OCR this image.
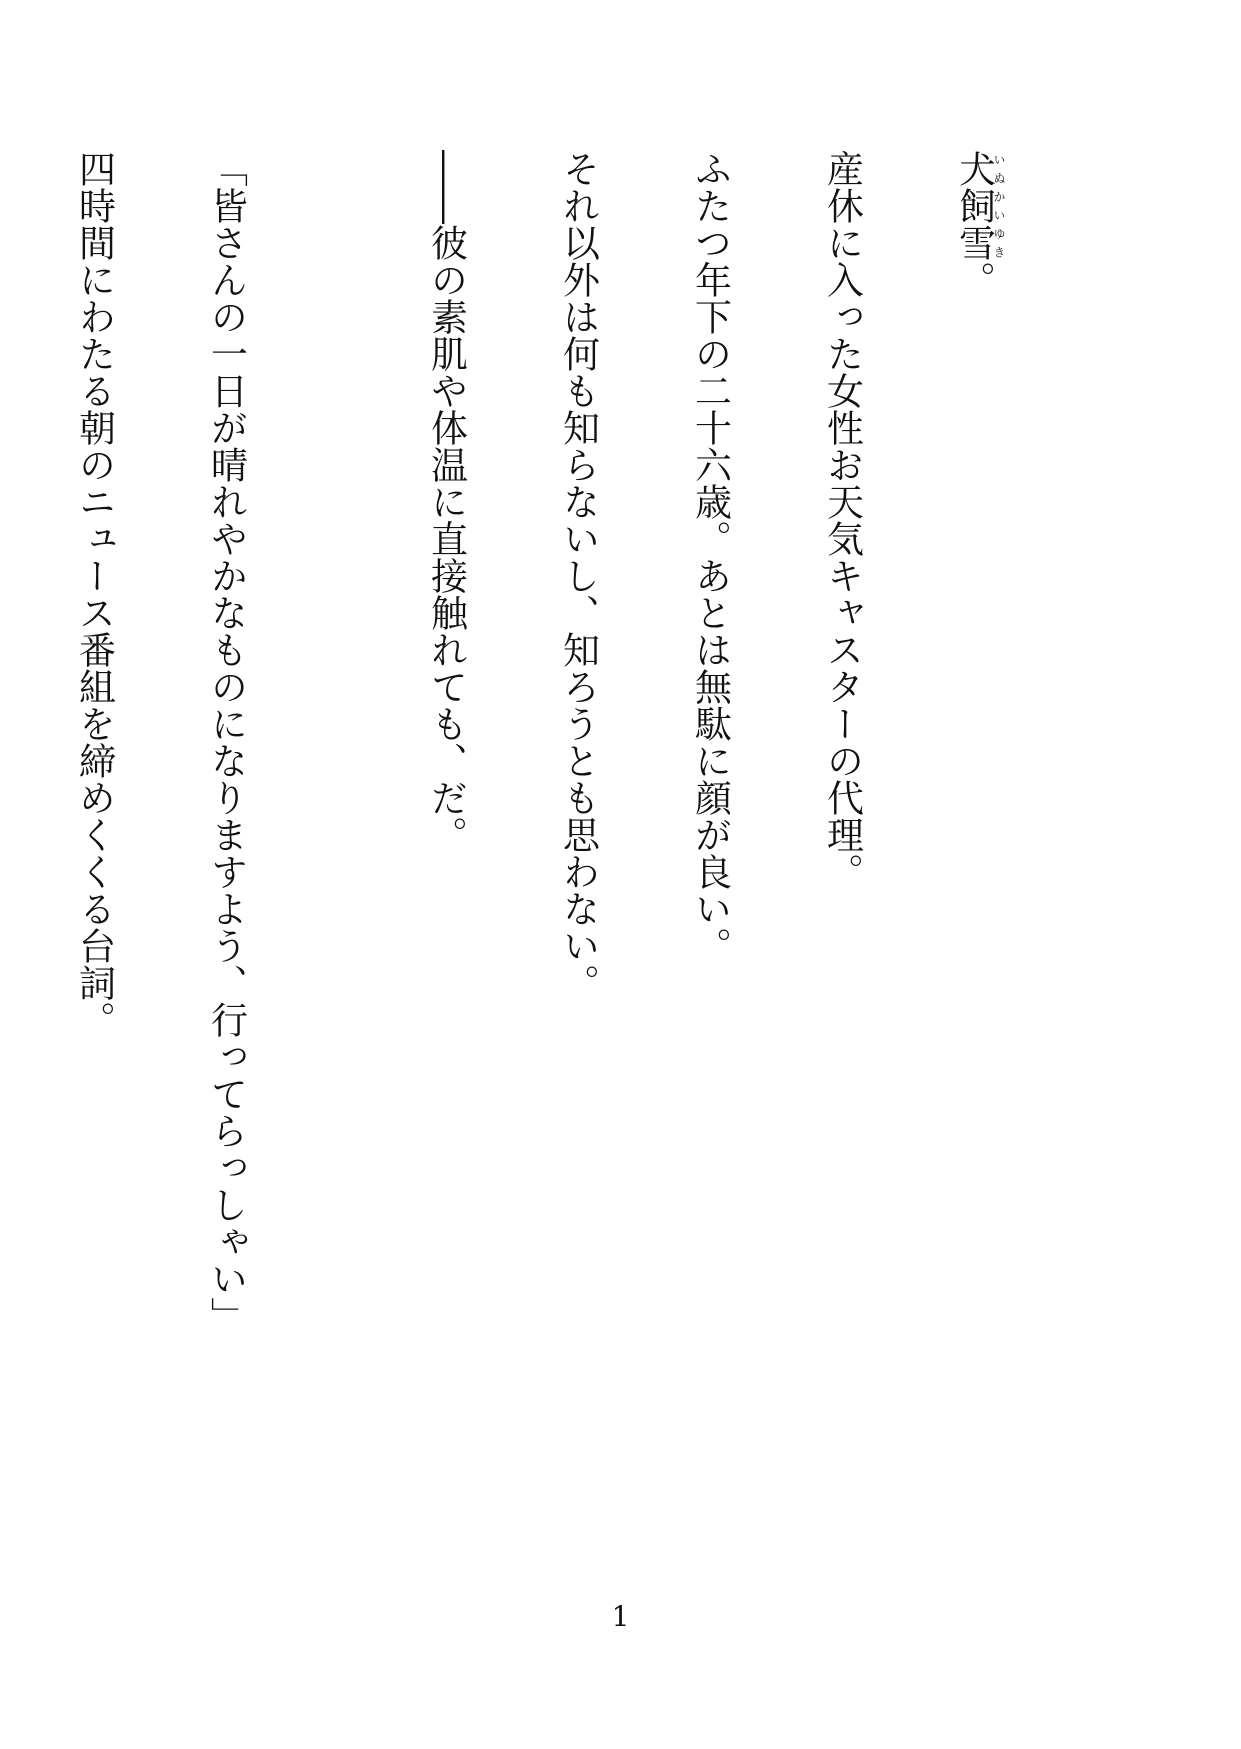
犬飼雪いぬかいゆき。

産休に入った女性お天気キャスターの代理。

ふたつ年下の二十六歳。あとは無駄に顔が良い。

それ以外は何も知らないし、知ろうとも思わない。

――彼の素肌や体温に直接触れても、だ。

「皆さんの一日が晴れやかなものになりますよう、行ってらっしゃい」

四時間にわたる朝のニュース番組を締めくくる台詞。

1
